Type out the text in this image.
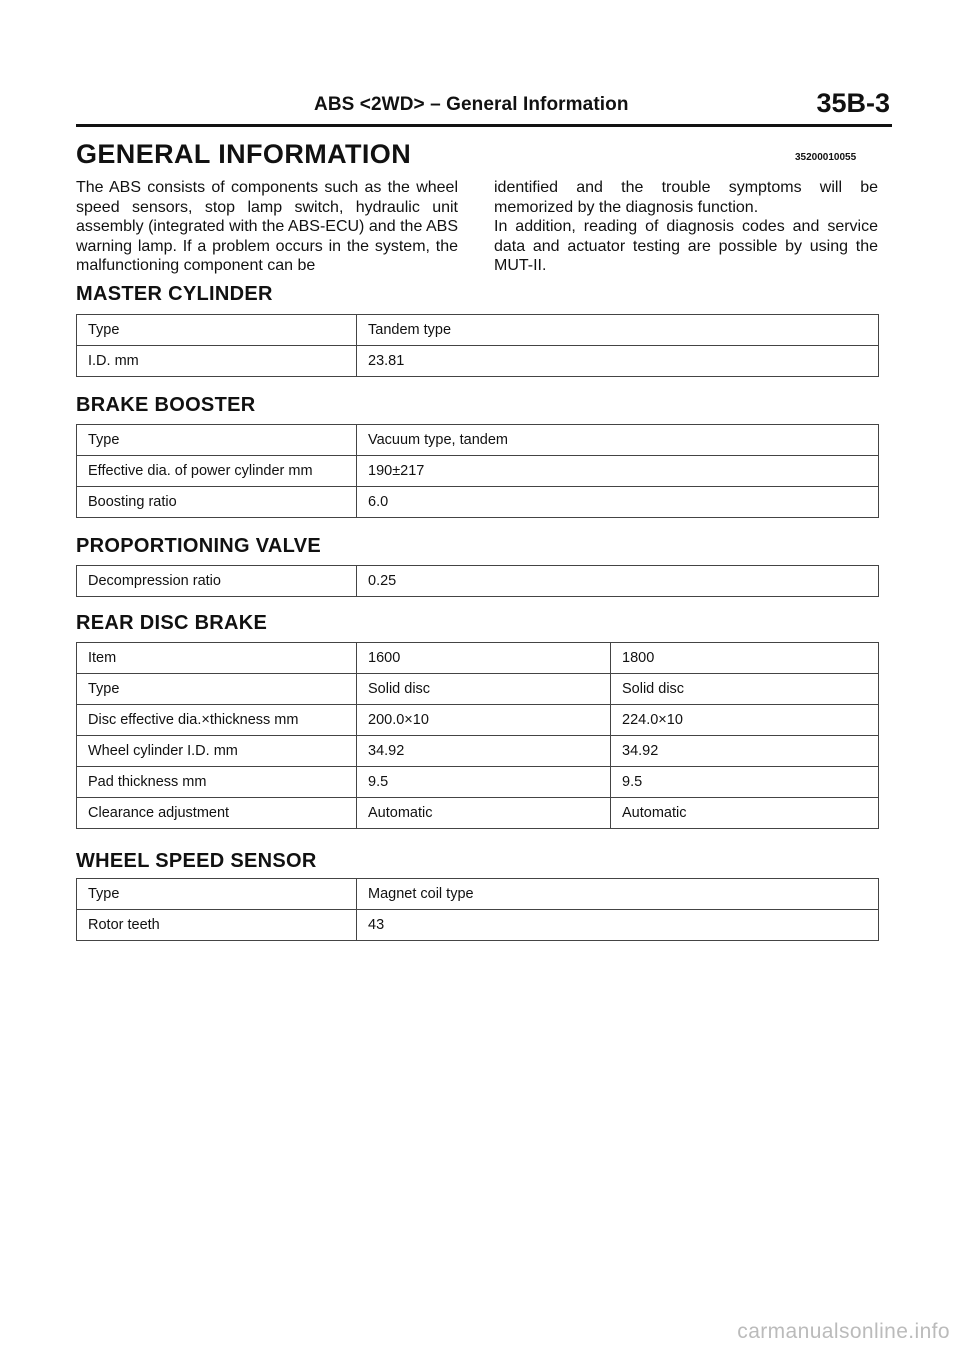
ABS <2WD> – General Information	35B-3
GENERAL INFORMATION	35200010055

The ABS consists of components such as the wheel speed sensors, stop lamp switch, hydraulic unit assembly (integrated with the ABS-ECU) and the ABS warning lamp. If a problem occurs in the system, the malfunctioning component can be

identified and the trouble symptoms will be memorized by the diagnosis function.

In addition, reading of diagnosis codes and service data and actuator testing are possible by using the MUT-II.

MASTER CYLINDER
Type	Tandem type
I.D. mm	23.81
BRAKE BOOSTER
Type	Vacuum type, tandem
Effective dia. of power cylinder mm	190±217
Boosting ratio	6.0
PROPORTIONING VALVE
Decompression ratio	0.25
REAR DISC BRAKE
Item	1600	1800
Type	Solid disc	Solid disc
Disc effective dia.×thickness mm	200.0×10	224.0×10
Wheel cylinder I.D. mm	34.92	34.92
Pad thickness mm	9.5	9.5
Clearance adjustment	Automatic	Automatic
WHEEL SPEED SENSOR
Type	Magnet coil type
Rotor teeth	43
carmanualsonline.info
